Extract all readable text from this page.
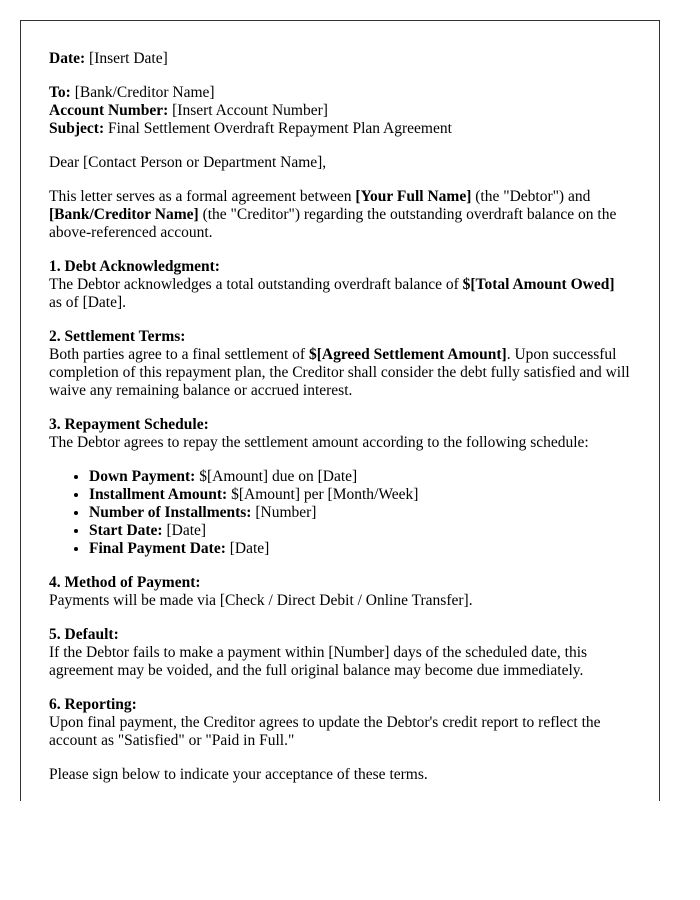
Date: [Insert Date]

To: [Bank/Creditor Name]

Account Number: [Insert Account Number]

Subject: Final Settlement Overdraft Repayment Plan Agreement

Dear [Contact Person or Department Name],

This letter serves as a formal agreement between [Your Full Name] (the "Debtor") and [Bank/Creditor Name] (the "Creditor") regarding the outstanding overdraft balance on the above-referenced account.

1. Debt Acknowledgment:
The Debtor acknowledges a total outstanding overdraft balance of $[Total Amount Owed] as of [Date].

2. Settlement Terms:
Both parties agree to a final settlement of $[Agreed Settlement Amount]. Upon successful completion of this repayment plan, the Creditor shall consider the debt fully satisfied and will waive any remaining balance or accrued interest.

3. Repayment Schedule:
The Debtor agrees to repay the settlement amount according to the following schedule:

• Down Payment: $[Amount] due on [Date]
• Installment Amount: $[Amount] per [Month/Week]
• Number of Installments: [Number]
• Start Date: [Date]
• Final Payment Date: [Date]

4. Method of Payment:
Payments will be made via [Check / Direct Debit / Online Transfer].

5. Default:
If the Debtor fails to make a payment within [Number] days of the scheduled date, this agreement may be voided, and the full original balance may become due immediately.

6. Reporting:
Upon final payment, the Creditor agrees to update the Debtor's credit report to reflect the account as "Satisfied" or "Paid in Full."

Please sign below to indicate your acceptance of these terms.
